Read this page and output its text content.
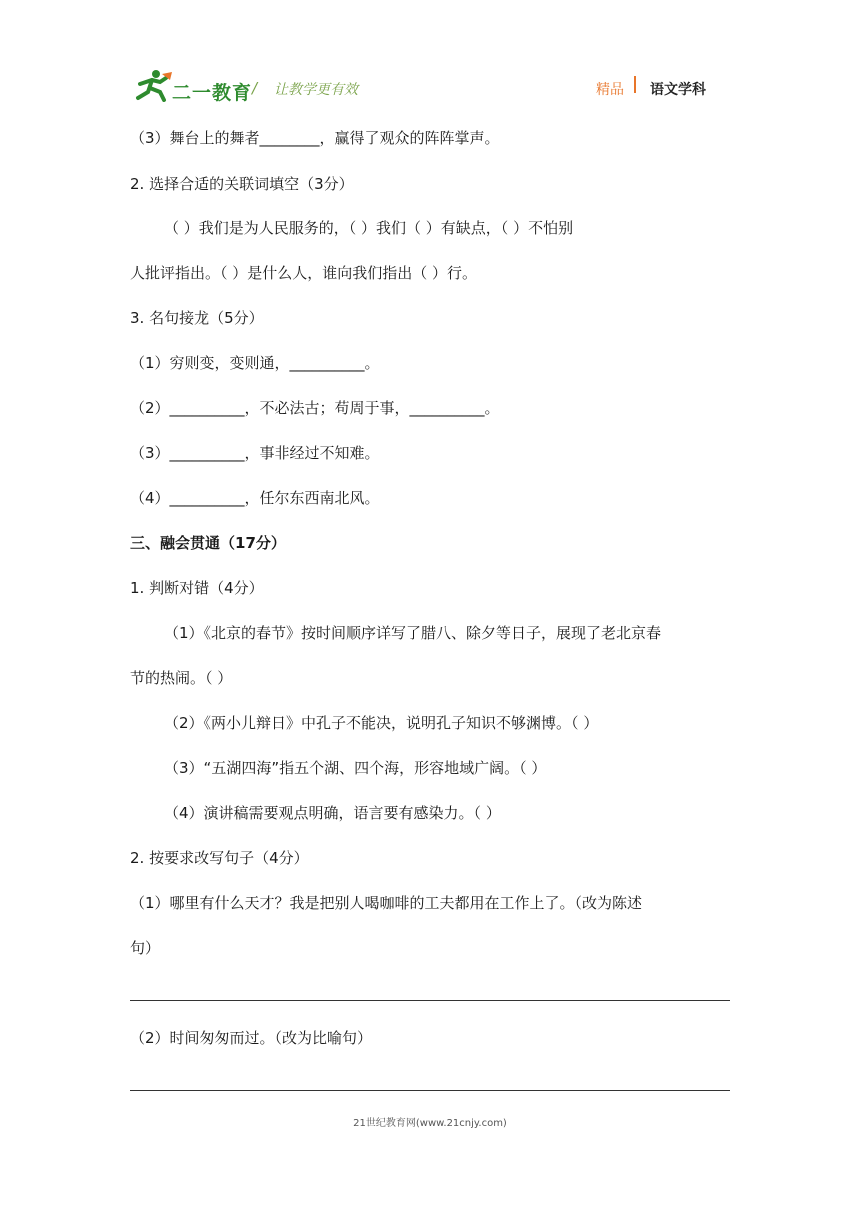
二一教育 / 让教学更有效	精品 语文学科
（3）舞台上的舞者________，赢得了观众的阵阵掌声。
2. 选择合适的关联词填空（3分）
（ ）我们是为人民服务的，（ ）我们（ ）有缺点，（ ）不怕别
人批评指出。（ ）是什么人，谁向我们指出（ ）行。
3. 名句接龙（5分）
（1）穷则变，变则通，__________。
（2）__________，不必法古；苟周于事，__________。
（3）__________，事非经过不知难。
（4）__________，任尔东西南北风。
三、融会贯通（17分）
1. 判断对错（4分）
（1）《北京的春节》按时间顺序详写了腊八、除夕等日子，展现了老北京春
节的热闹。（ ）
（2）《两小儿辩日》中孔子不能决，说明孔子知识不够渊博。（ ）
（3）“五湖四海”指五个湖、四个海，形容地域广阔。（ ）
（4）演讲稿需要观点明确，语言要有感染力。（ ）
2. 按要求改写句子（4分）
（1）哪里有什么天才？我是把别人喝咖啡的工夫都用在工作上了。（改为陈述
句）
（2）时间匆匆而过。（改为比喻句）
21世纪教育网(www.21cnjy.com)
